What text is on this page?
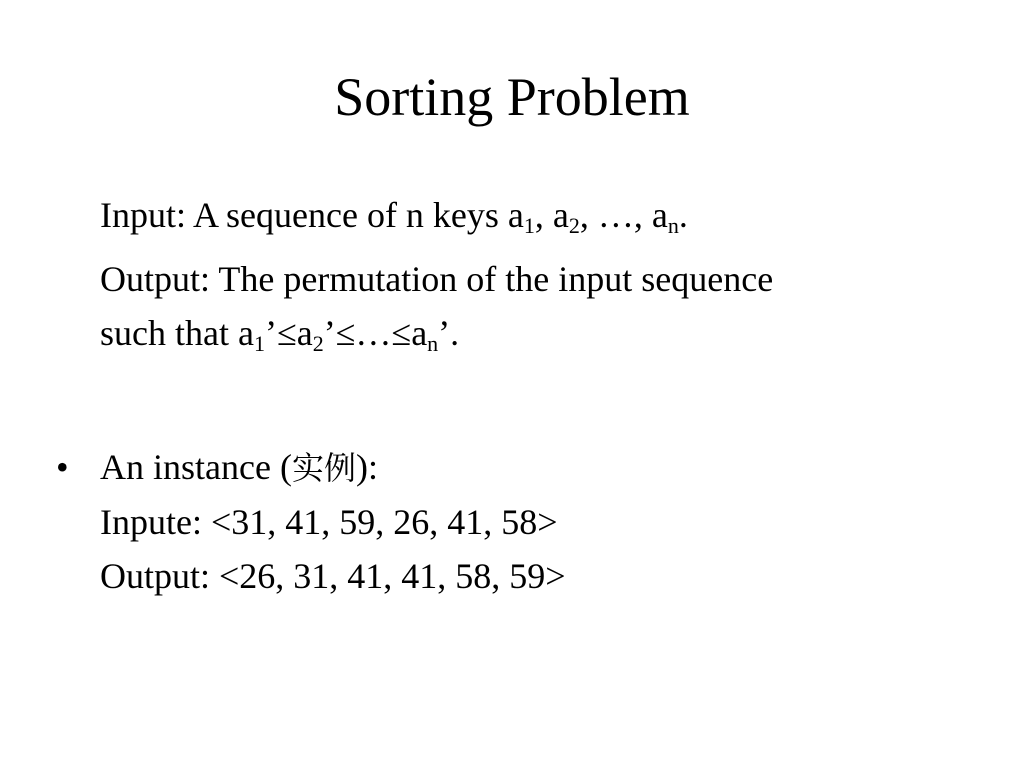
Sorting Problem

Input: A sequence of n keys $a_1$, $a_2$, …, $a_n$.

Output: The permutation of the input sequence
such that $a_1’\le a_2’\le\dots\le a_n$’.

• An instance (实例):
Inpute: <31, 41, 59, 26, 41, 58>
Output: <26, 31, 41, 41, 58, 59>
